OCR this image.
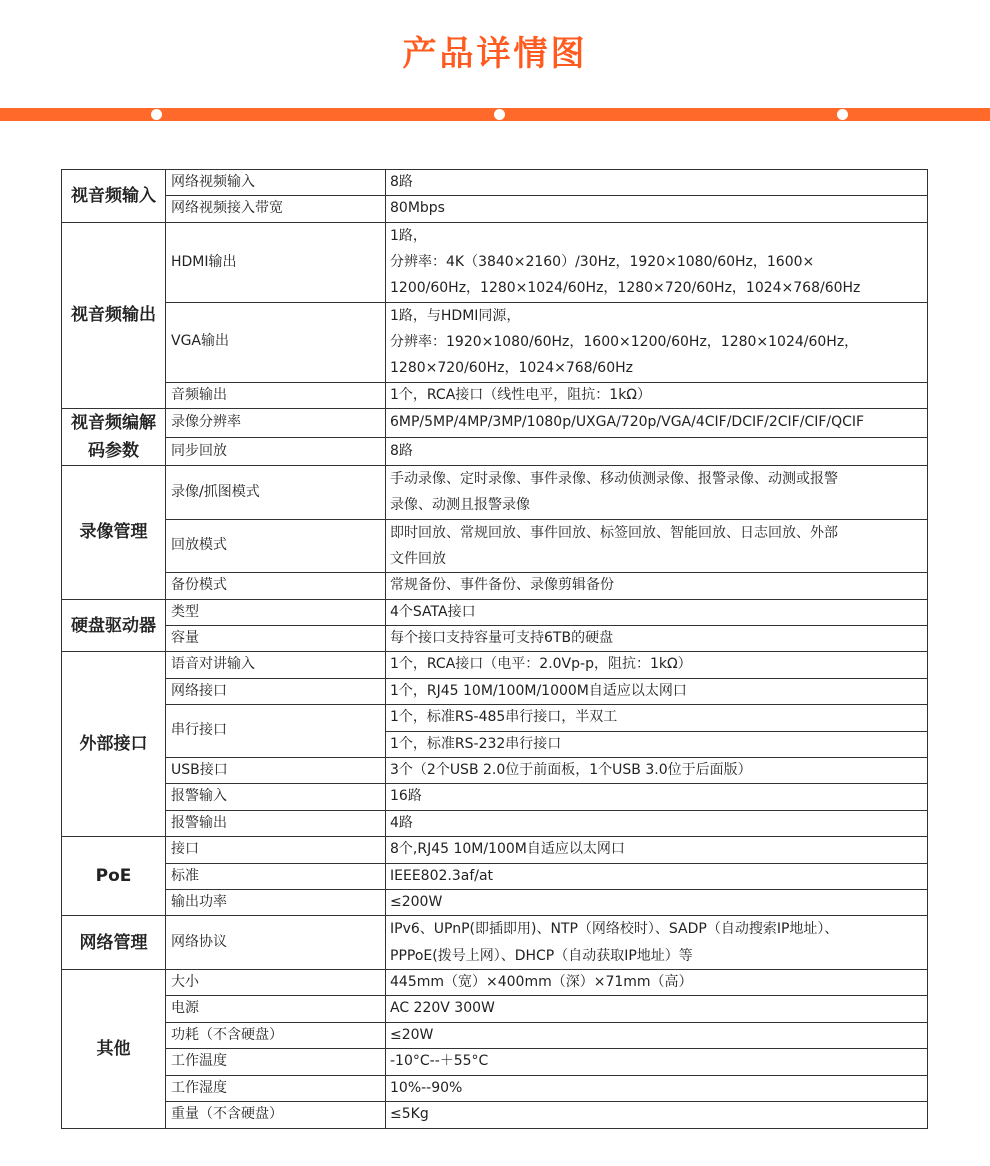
产品详情图
视音频输入	网络视频输入	8路

	网络视频接入带宽	80Mbps

视音频输出	HDMI输出	1路，
分辨率：4K（3840×2160）/30Hz，1920×1080/60Hz，1600×
1200/60Hz，1280×1024/60Hz，1280×720/60Hz，1024×768/60Hz

	VGA输出	1路，与HDMI同源，
分辨率：1920×1080/60Hz，1600×1200/60Hz，1280×1024/60Hz，
1280×720/60Hz，1024×768/60Hz

	音频输出	1个，RCA接口（线性电平，阻抗：1kΩ）

视音频编解码参数	录像分辨率	6MP/5MP/4MP/3MP/1080p/UXGA/720p/VGA/4CIF/DCIF/2CIF/CIF/QCIF

	同步回放	8路

录像管理	录像/抓图模式	手动录像、定时录像、事件录像、移动侦测录像、报警录像、动测或报警
录像、动测且报警录像

	回放模式	即时回放、常规回放、事件回放、标签回放、智能回放、日志回放、外部
文件回放

	备份模式	常规备份、事件备份、录像剪辑备份

硬盘驱动器	类型	4个SATA接口

	容量	每个接口支持容量可支持6TB的硬盘

外部接口	语音对讲输入	1个，RCA接口（电平：2.0Vp-p，阻抗：1kΩ）

	网络接口	1个，RJ45 10M/100M/1000M自适应以太网口

	串行接口	1个，标准RS-485串行接口，半双工

		1个，标准RS-232串行接口

	USB接口	3个（2个USB 2.0位于前面板，1个USB 3.0位于后面版）

	报警输入	16路

	报警输出	4路

PoE	接口	8个,RJ45 10M/100M自适应以太网口

	标准	IEEE802.3af/at

	输出功率	≤200W

网络管理	网络协议	IPv6、UPnP(即插即用)、NTP（网络校时）、SADP（自动搜索IP地址）、
PPPoE(拨号上网）、DHCP（自动获取IP地址）等

其他	大小	445mm（宽）×400mm（深）×71mm（高）

	电源	AC 220V 300W

	功耗（不含硬盘）	≤20W

	工作温度	-10°C--＋55°C

	工作湿度	10%--90%

	重量（不含硬盘）	≤5Kg
